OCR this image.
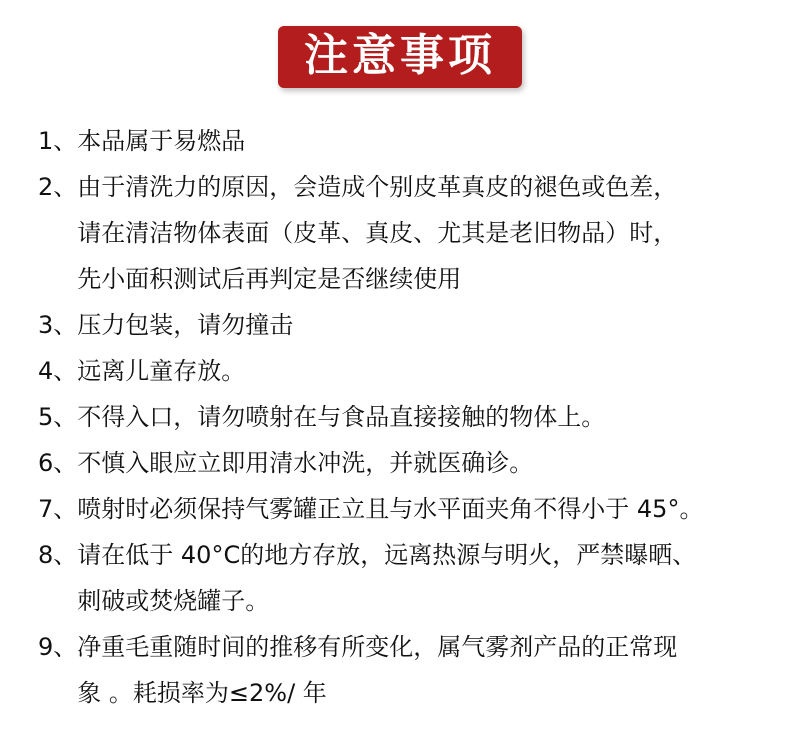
注意事项
1、 本品属于易燃品
2、 由于清洗力的原因，会造成个别皮革真皮的褪色或色差，
请在清洁物体表面（皮革、真皮、尤其是老旧物品）时，
先小面积测试后再判定是否继续使用
3、 压力包装，请勿撞击
4、 远离儿童存放。
5、 不得入口，请勿喷射在与食品直接接触的物体上。
6、 不慎入眼应立即用清水冲洗，并就医确诊。
7、 喷射时必须保持气雾罐正立且与水平面夹角不得小于 45°。
8、 请在低于 40°C的地方存放，远离热源与明火，严禁曝晒、
刺破或焚烧罐子。
9、 净重毛重随时间的推移有所变化，属气雾剂产品的正常现
象 。耗损率为≤2%/ 年
